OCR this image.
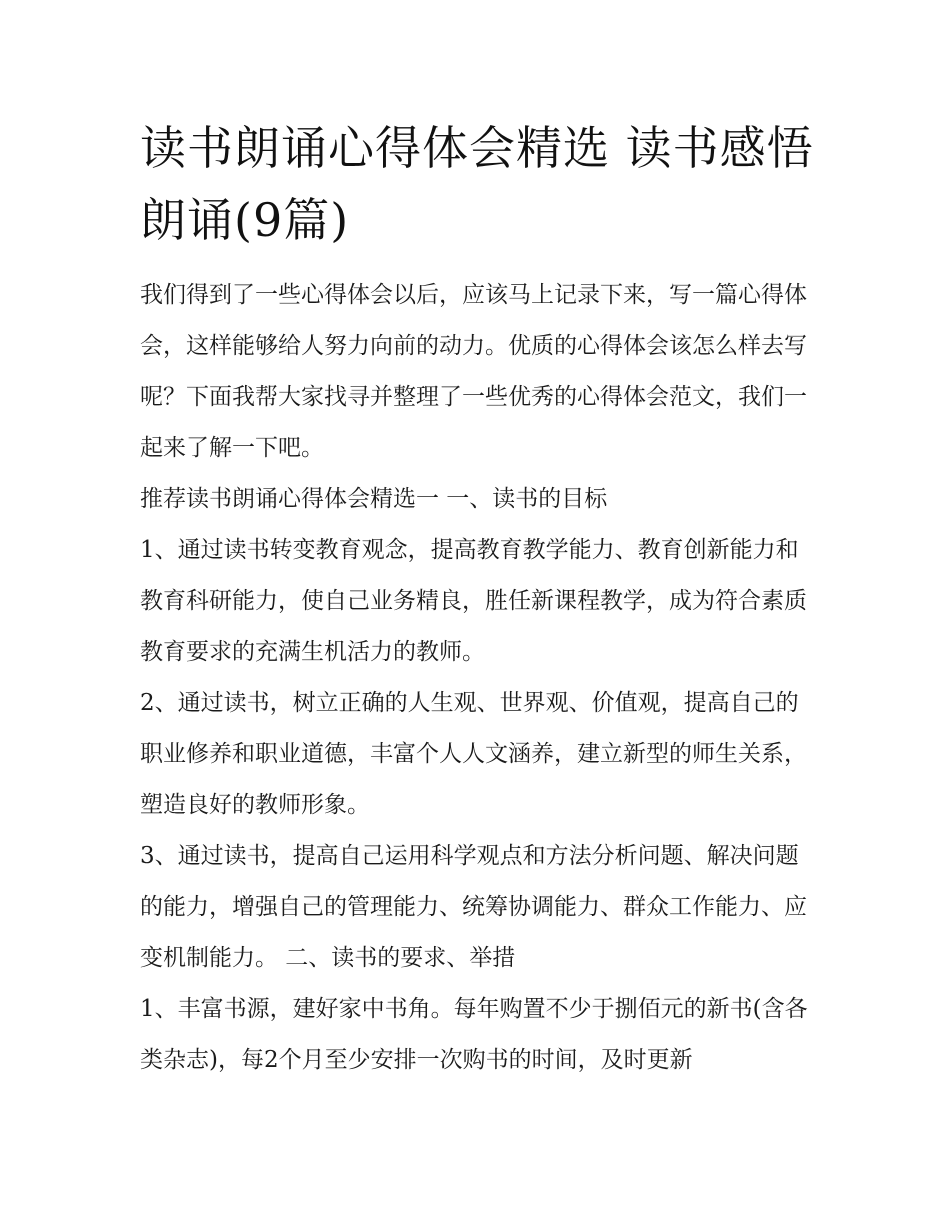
读书朗诵心得体会精选 读书感悟朗诵(9篇)

我们得到了一些心得体会以后，应该马上记录下来，写一篇心得体会，这样能够给人努力向前的动力。优质的心得体会该怎么样去写呢？下面我帮大家找寻并整理了一些优秀的心得体会范文，我们一起来了解一下吧。

推荐读书朗诵心得体会精选一 一、读书的目标

1、通过读书转变教育观念，提高教育教学能力、教育创新能力和教育科研能力，使自己业务精良，胜任新课程教学，成为符合素质教育要求的充满生机活力的教师。

2、通过读书，树立正确的人生观、世界观、价值观，提高自己的职业修养和职业道德，丰富个人人文涵养，建立新型的师生关系，塑造良好的教师形象。

3、通过读书，提高自己运用科学观点和方法分析问题、解决问题的能力，增强自己的管理能力、统筹协调能力、群众工作能力、应变机制能力。 二、读书的要求、举措

1、丰富书源，建好家中书角。每年购置不少于捌佰元的新书(含各类杂志)，每2个月至少安排一次购书的时间，及时更新
